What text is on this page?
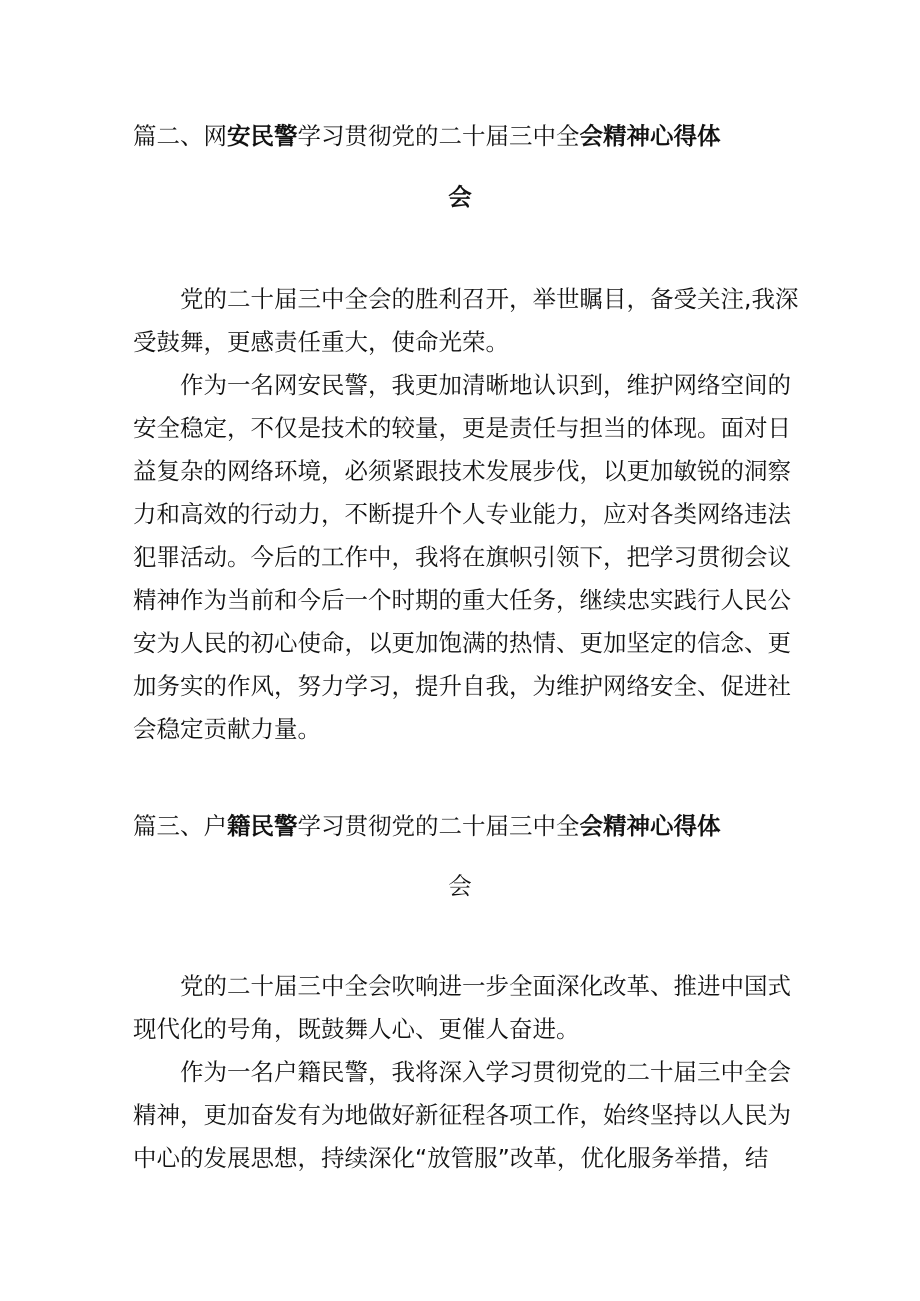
篇二、网安民警学习贯彻党的二十届三中全会精神心得体

会

党的二十届三中全会的胜利召开，举世瞩目，备受关注,我深

受鼓舞，更感责任重大，使命光荣。

作为一名网安民警，我更加清晰地认识到，维护网络空间的

安全稳定，不仅是技术的较量，更是责任与担当的体现。面对日

益复杂的网络环境，必须紧跟技术发展步伐，以更加敏锐的洞察

力和高效的行动力，不断提升个人专业能力，应对各类网络违法

犯罪活动。今后的工作中，我将在旗帜引领下，把学习贯彻会议

精神作为当前和今后一个时期的重大任务，继续忠实践行人民公

安为人民的初心使命，以更加饱满的热情、更加坚定的信念、更

加务实的作风，努力学习，提升自我，为维护网络安全、促进社

会稳定贡献力量。

篇三、户籍民警学习贯彻党的二十届三中全会精神心得体

会

党的二十届三中全会吹响进一步全面深化改革、推进中国式

现代化的号角，既鼓舞人心、更催人奋进。

作为一名户籍民警，我将深入学习贯彻党的二十届三中全会

精神，更加奋发有为地做好新征程各项工作，始终坚持以人民为

中心的发展思想，持续深化“放管服”改革，优化服务举措，结
